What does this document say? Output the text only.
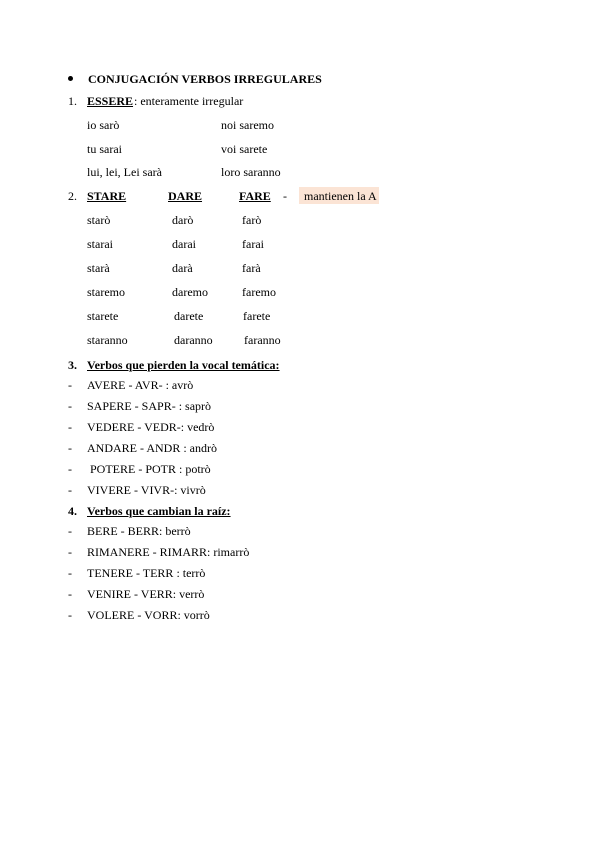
CONJUGACIÓN VERBOS IRREGULARES
1. ESSERE : enteramente irregular
io sarò	noi saremo
tu sarai	voi sarete
lui, lei, Lei sarà	loro saranno
2. STARE	DARE	FARE - mantienen la A
starò	darò	farò
starai	darai	farai
starà	darà	farà
staremo	daremo	faremo
starete	darete	farete
staranno	daranno	faranno
3. Verbos que pierden la vocal temática:
- AVERE - AVR- : avrò
- SAPERE - SAPR- : saprò
- VEDERE - VEDR-: vedrò
- ANDARE - ANDR : andrò
- POTERE - POTR : potrò
- VIVERE - VIVR-: vivrò
4. Verbos que cambian la raíz:
- BERE - BERR: berrò
- RIMANERE - RIMARR: rimarrò
- TENERE - TERR : terrò
- VENIRE - VERR: verrò
- VOLERE - VORR: vorrò
